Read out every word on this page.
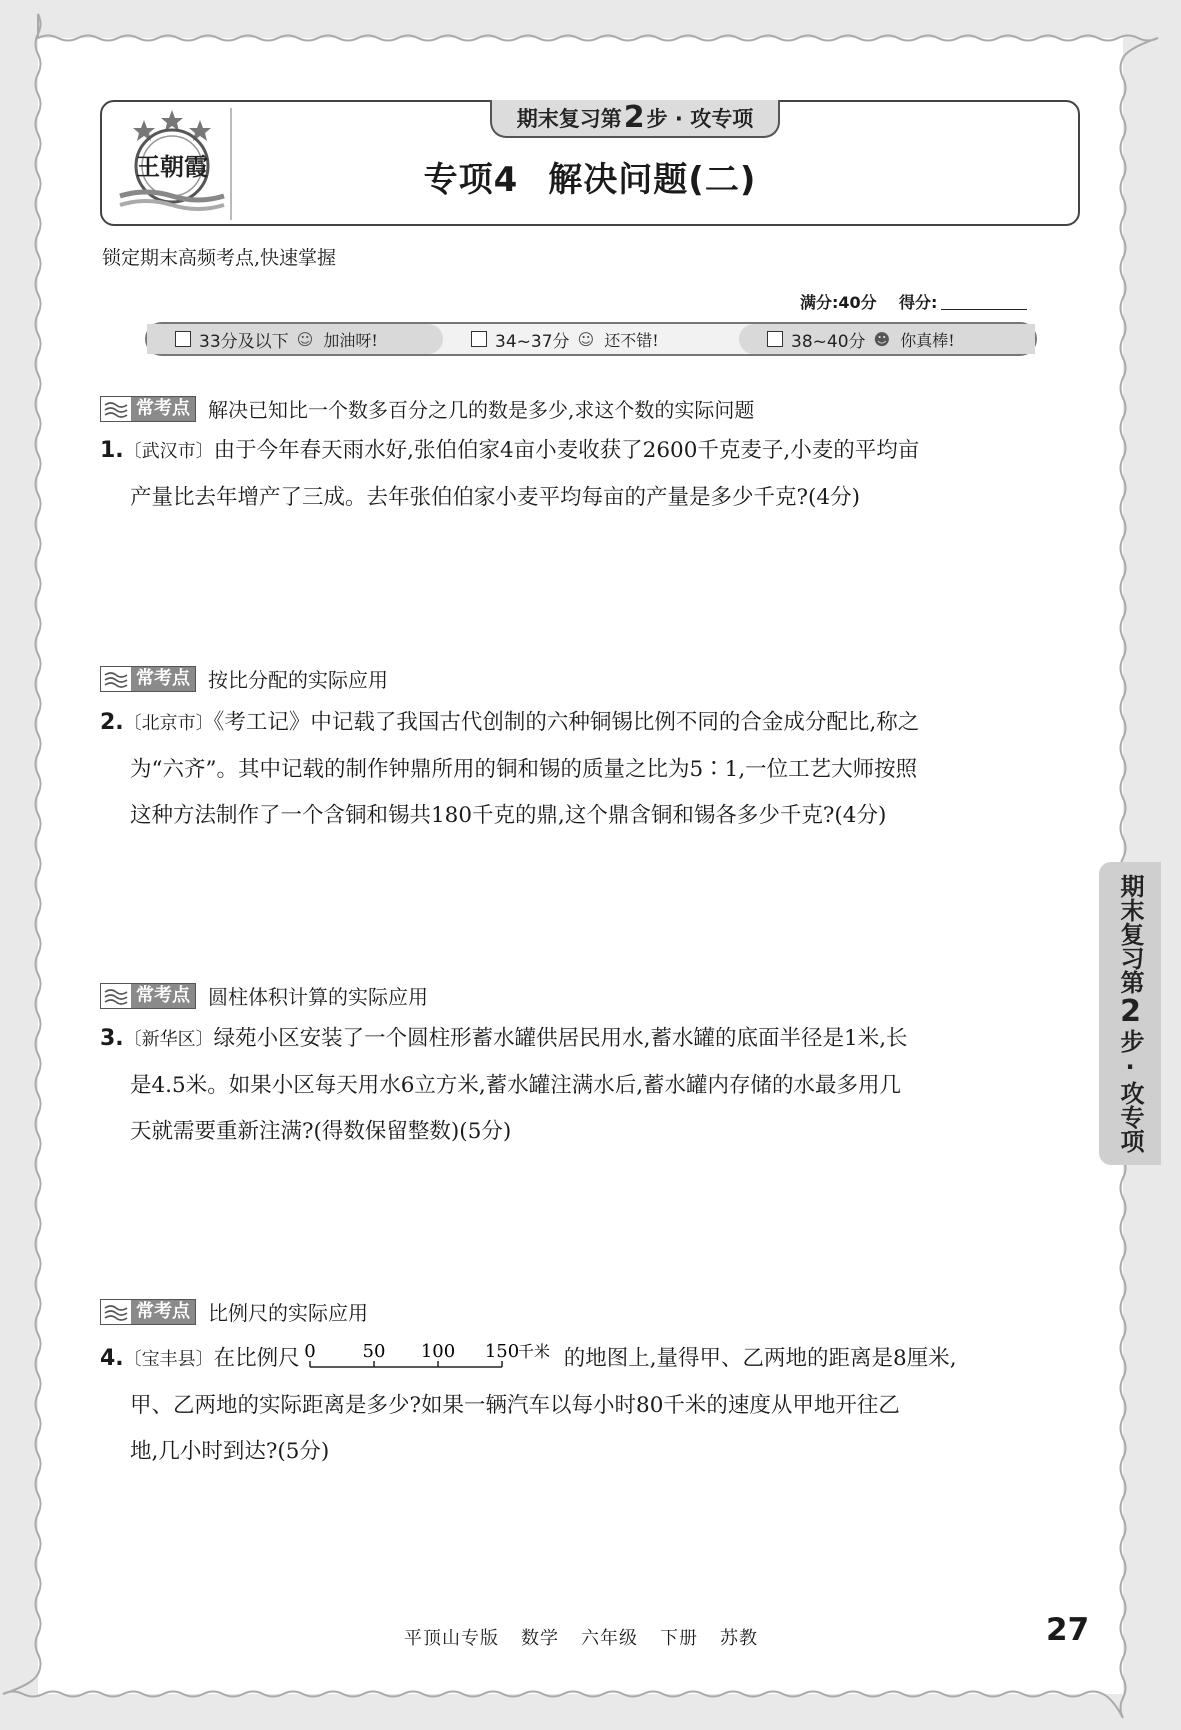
王朝霞
期末复习第 2 步 · 攻专项
专项4 解决问题(二)
锁定期末高频考点,快速掌握
满分:40分 得分:
33分及以下 ☺ 加油呀!	34~37分 ☺ 还不错!	38~40分 ☻ 你真棒!
常考点 解决已知比一个数多百分之几的数是多少,求这个数的实际问题
1.〔武汉市〕由于今年春天雨水好,张伯伯家4亩小麦收获了2600千克麦子,小麦的平均亩
产量比去年增产了三成。去年张伯伯家小麦平均每亩的产量是多少千克?(4分)
常考点 按比分配的实际应用
2.〔北京市〕《考工记》中记载了我国古代创制的六种铜锡比例不同的合金成分配比,称之
为“六齐”。其中记载的制作钟鼎所用的铜和锡的质量之比为5∶1,一位工艺大师按照
这种方法制作了一个含铜和锡共180千克的鼎,这个鼎含铜和锡各多少千克?(4分)
常考点 圆柱体积计算的实际应用
3.〔新华区〕绿苑小区安装了一个圆柱形蓄水罐供居民用水,蓄水罐的底面半径是1米,长
是4.5米。如果小区每天用水6立方米,蓄水罐注满水后,蓄水罐内存储的水最多用几
天就需要重新注满?(得数保留整数)(5分)
常考点 比例尺的实际应用
4.〔宝丰县〕在比例尺 0	50 100 150
千米 的地图上,量得甲、乙两地的距离是8厘米,
甲、乙两地的实际距离是多少?如果一辆汽车以每小时80千米的速度从甲地开往乙
地,几小时到达?(5分)
期末复习第2步·攻专项
平顶山专版 数学 六年级 下册 苏教	27
